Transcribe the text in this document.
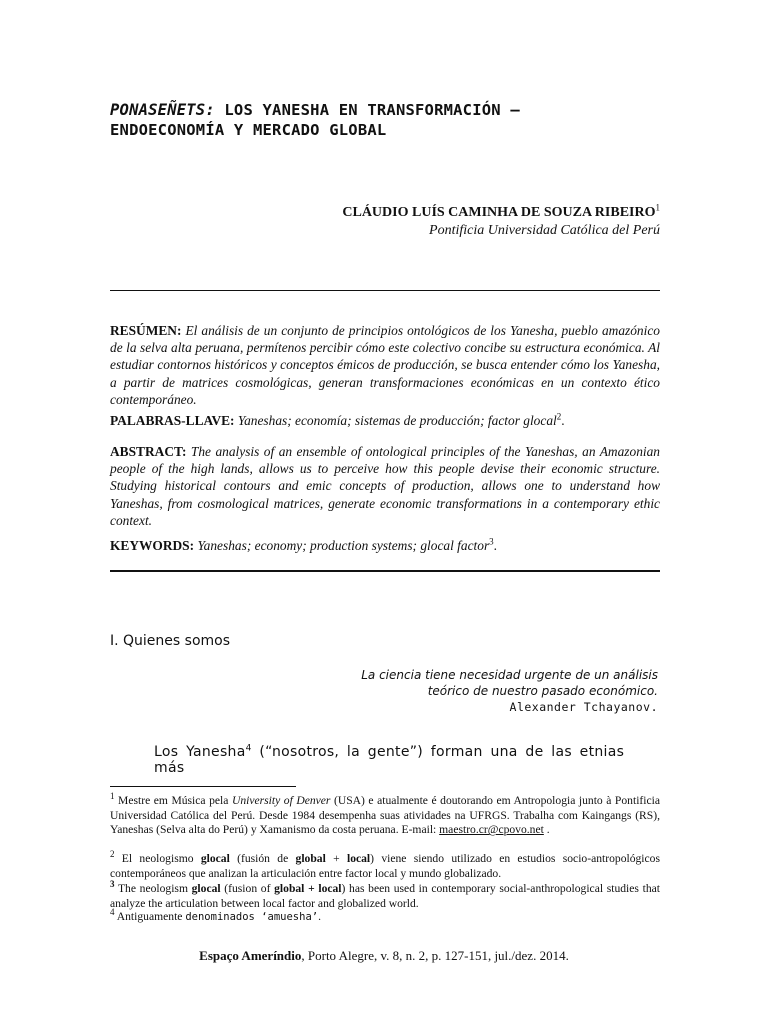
PONASEÑETS: LOS YANESHA EN TRANSFORMACIÓN –
ENDOECONOMÍA Y MERCADO GLOBAL
CLÁUDIO LUÍS CAMINHA DE SOUZA RIBEIRO$^1$
Pontificia Universidad Católica del Perú
RESÚMEN: El análisis de un conjunto de principios ontológicos de los Yanesha, pueblo amazónico de la selva alta peruana, permítenos percibir cómo este colectivo concibe su estructura económica. Al estudiar contornos históricos y conceptos émicos de producción, se busca entender cómo los Yanesha, a partir de matrices cosmológicas, generan transformaciones económicas en un contexto ético contemporáneo.
PALABRAS-LLAVE: Yaneshas; economía; sistemas de producción; factor glocal$^2$.
ABSTRACT: The analysis of an ensemble of ontological principles of the Yaneshas, an Amazonian people of the high lands, allows us to perceive how this people devise their economic structure. Studying historical contours and emic concepts of production, allows one to understand how Yaneshas, from cosmological matrices, generate economic transformations in a contemporary ethic context.
KEYWORDS: Yaneshas; economy; production systems; glocal factor$^3$.
I. Quienes somos
La ciencia tiene necesidad urgente de un análisis
teórico de nuestro pasado económico.
Alexander Tchayanov.
Los Yanesha$^4$ (“nosotros, la gente”) forman una de las etnias más
$^1$ Mestre em Música pela University of Denver (USA) e atualmente é doutorando em Antropologia junto à Pontificia Universidad Católica del Perú. Desde 1984 desempenha suas atividades na UFRGS. Trabalha com Kaingangs (RS), Yaneshas (Selva alta do Perú) y Xamanismo da costa peruana. E-mail: maestro.cr@cpovo.net .
$^2$ El neologismo glocal (fusión de global + local) viene siendo utilizado en estudios socio-antropológicos contemporáneos que analizan la articulación entre factor local y mundo globalizado.
$^3$ The neologism glocal (fusion of global + local) has been used in contemporary social-anthropological studies that analyze the articulation between local factor and globalized world.
$^4$ Antiguamente denominados ‘amuesha’.
Espaço Ameríndio, Porto Alegre, v. 8, n. 2, p. 127-151, jul./dez. 2014.
